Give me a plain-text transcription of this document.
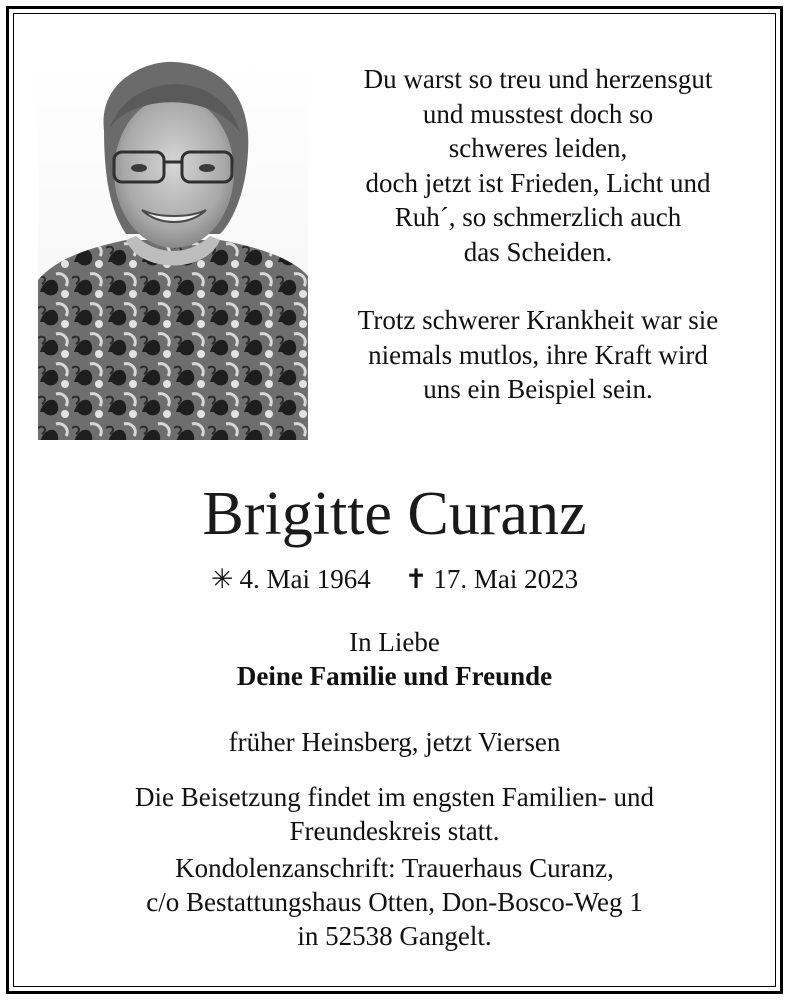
Du warst so treu und herzensgut
und musstest doch so
schweres leiden,
doch jetzt ist Frieden, Licht und
Ruh´, so schmerzlich auch
das Scheiden.

Trotz schwerer Krankheit war sie
niemals mutlos, ihre Kraft wird
uns ein Beispiel sein.

Brigitte Curanz
✳ 4. Mai 1964 ✝ 17. Mai 2023
In Liebe
Deine Familie und Freunde
früher Heinsberg, jetzt Viersen
Die Beisetzung findet im engsten Familien- und
Freundeskreis statt.
Kondolenzanschrift: Trauerhaus Curanz,
c/o Bestattungshaus Otten, Don-Bosco-Weg 1
in 52538 Gangelt.
